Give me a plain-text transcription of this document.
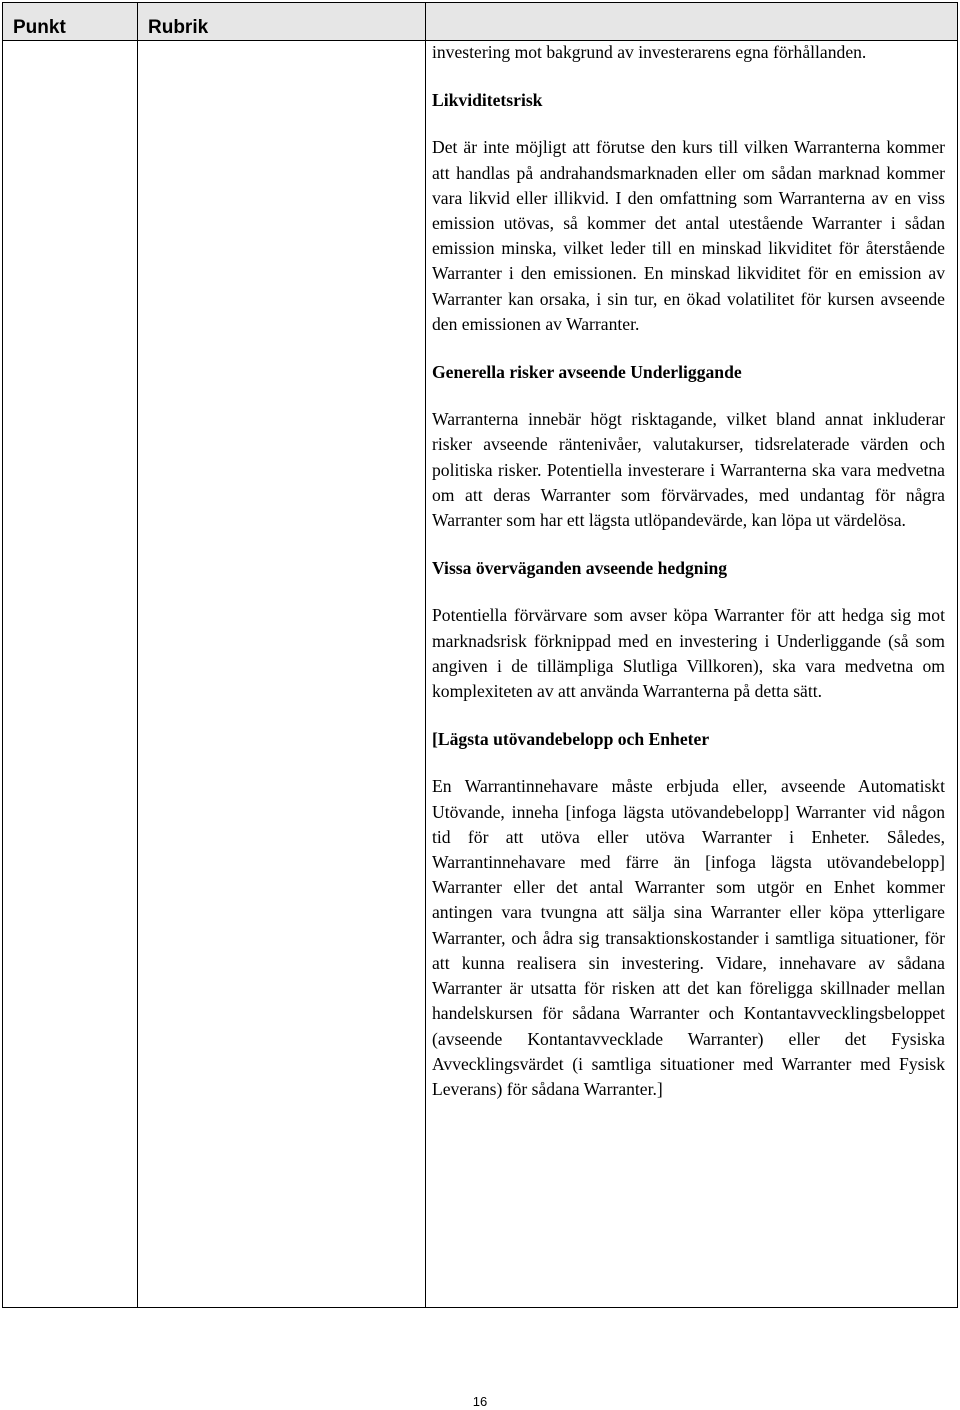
Punkt	Rubrik

investering mot bakgrund av investerarens egna förhållanden.

Likviditetsrisk

Det är inte möjligt att förutse den kurs till vilken Warranterna kommer att handlas på andrahandsmarknaden eller om sådan marknad kommer vara likvid eller illikvid. I den omfattning som Warranterna av en viss emission utövas, så kommer det antal utestående Warranter i sådan emission minska, vilket leder till en minskad likviditet för återstående Warranter i den emissionen. En minskad likviditet för en emission av Warranter kan orsaka, i sin tur, en ökad volatilitet för kursen avseende den emissionen av Warranter.

Generella risker avseende Underliggande

Warranterna innebär högt risktagande, vilket bland annat inkluderar risker avseende räntenivåer, valutakurser, tidsrelaterade värden och politiska risker. Potentiella investerare i Warranterna ska vara medvetna om att deras Warranter som förvärvades, med undantag för några Warranter som har ett lägsta utlöpandevärde, kan löpa ut värdelösa.

Vissa överväganden avseende hedgning

Potentiella förvärvare som avser köpa Warranter för att hedga sig mot marknadsrisk förknippad med en investering i Underliggande (så som angiven i de tillämpliga Slutliga Villkoren), ska vara medvetna om komplexiteten av att använda Warranterna på detta sätt.

[Lägsta utövandebelopp och Enheter

En Warrantinnehavare måste erbjuda eller, avseende Automatiskt Utövande, inneha [infoga lägsta utövandebelopp] Warranter vid någon tid för att utöva eller utöva Warranter i Enheter. Således, Warrantinnehavare med färre än [infoga lägsta utövandebelopp] Warranter eller det antal Warranter som utgör en Enhet kommer antingen vara tvungna att sälja sina Warranter eller köpa ytterligare Warranter, och ådra sig transaktionskostander i samtliga situationer, för att kunna realisera sin investering. Vidare, innehavare av sådana Warranter är utsatta för risken att det kan föreligga skillnader mellan handelskursen för sådana Warranter och Kontantavvecklingsbeloppet (avseende Kontantavvecklade Warranter) eller det Fysiska Avvecklingsvärdet (i samtliga situationer med Warranter med Fysisk Leverans) för sådana Warranter.]

16
